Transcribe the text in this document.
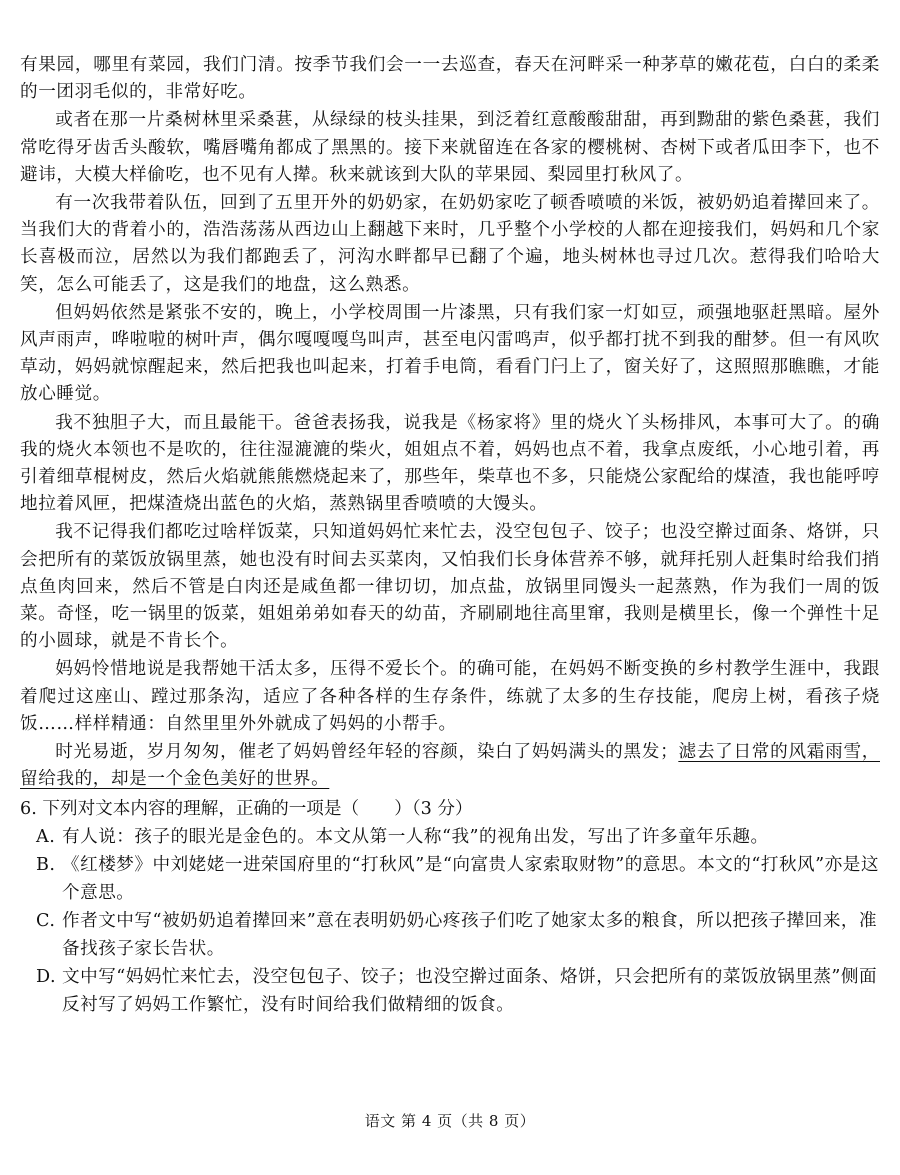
有果园，哪里有菜园，我们门清。按季节我们会一一去巡查，春天在河畔采一种茅草的嫩花苞，白白的柔柔的一团羽毛似的，非常好吃。

或者在那一片桑树林里采桑葚，从绿绿的枝头挂果，到泛着红意酸酸甜甜，再到黝甜的紫色桑葚，我们常吃得牙齿舌头酸软，嘴唇嘴角都成了黑黑的。接下来就留连在各家的樱桃树、杏树下或者瓜田李下，也不避讳，大模大样偷吃，也不见有人撵。秋来就该到大队的苹果园、梨园里打秋风了。

有一次我带着队伍，回到了五里开外的奶奶家，在奶奶家吃了顿香喷喷的米饭，被奶奶追着撵回来了。当我们大的背着小的，浩浩荡荡从西边山上翻越下来时，几乎整个小学校的人都在迎接我们，妈妈和几个家长喜极而泣，居然以为我们都跑丢了，河沟水畔都早已翻了个遍，地头树林也寻过几次。惹得我们哈哈大笑，怎么可能丢了，这是我们的地盘，这么熟悉。

但妈妈依然是紧张不安的，晚上，小学校周围一片漆黑，只有我们家一灯如豆，顽强地驱赶黑暗。屋外风声雨声，哗啦啦的树叶声，偶尔嘎嘎嘎鸟叫声，甚至电闪雷鸣声，似乎都打扰不到我的酣梦。但一有风吹草动，妈妈就惊醒起来，然后把我也叫起来，打着手电筒，看看门闩上了，窗关好了，这照照那瞧瞧，才能放心睡觉。

我不独胆子大，而且最能干。爸爸表扬我，说我是《杨家将》里的烧火丫头杨排风，本事可大了。的确我的烧火本领也不是吹的，往往湿漉漉的柴火，姐姐点不着，妈妈也点不着，我拿点废纸，小心地引着，再引着细草棍树皮，然后火焰就熊熊燃烧起来了，那些年，柴草也不多，只能烧公家配给的煤渣，我也能呼哼地拉着风匣，把煤渣烧出蓝色的火焰，蒸熟锅里香喷喷的大馒头。

我不记得我们都吃过啥样饭菜，只知道妈妈忙来忙去，没空包包子、饺子；也没空擀过面条、烙饼，只会把所有的菜饭放锅里蒸，她也没有时间去买菜肉，又怕我们长身体营养不够，就拜托别人赶集时给我们捎点鱼肉回来，然后不管是白肉还是咸鱼都一律切切，加点盐，放锅里同馒头一起蒸熟，作为我们一周的饭菜。奇怪，吃一锅里的饭菜，姐姐弟弟如春天的幼苗，齐刷刷地往高里窜，我则是横里长，像一个弹性十足的小圆球，就是不肯长个。

妈妈怜惜地说是我帮她干活太多，压得不爱长个。的确可能，在妈妈不断变换的乡村教学生涯中，我跟着爬过这座山、蹚过那条沟，适应了各种各样的生存条件，练就了太多的生存技能，爬房上树，看孩子烧饭……样样精通：自然里里外外就成了妈妈的小帮手。

时光易逝，岁月匆匆，催老了妈妈曾经年轻的容颜，染白了妈妈满头的黑发；滤去了日常的风霜雨雪，留给我的，却是一个金色美好的世界。

6. 下列对文本内容的理解，正确的一项是（　　）（3 分）

A. 有人说：孩子的眼光是金色的。本文从第一人称“我”的视角出发，写出了许多童年乐趣。

B. 《红楼梦》中刘姥姥一进荣国府里的“打秋风”是“向富贵人家索取财物”的意思。本文的“打秋风”亦是这个意思。

C. 作者文中写“被奶奶追着撵回来”意在表明奶奶心疼孩子们吃了她家太多的粮食，所以把孩子撵回来，准备找孩子家长告状。

D. 文中写“妈妈忙来忙去，没空包包子、饺子；也没空擀过面条、烙饼，只会把所有的菜饭放锅里蒸”侧面反衬写了妈妈工作繁忙，没有时间给我们做精细的饭食。

语文 第 4 页（共 8 页）
